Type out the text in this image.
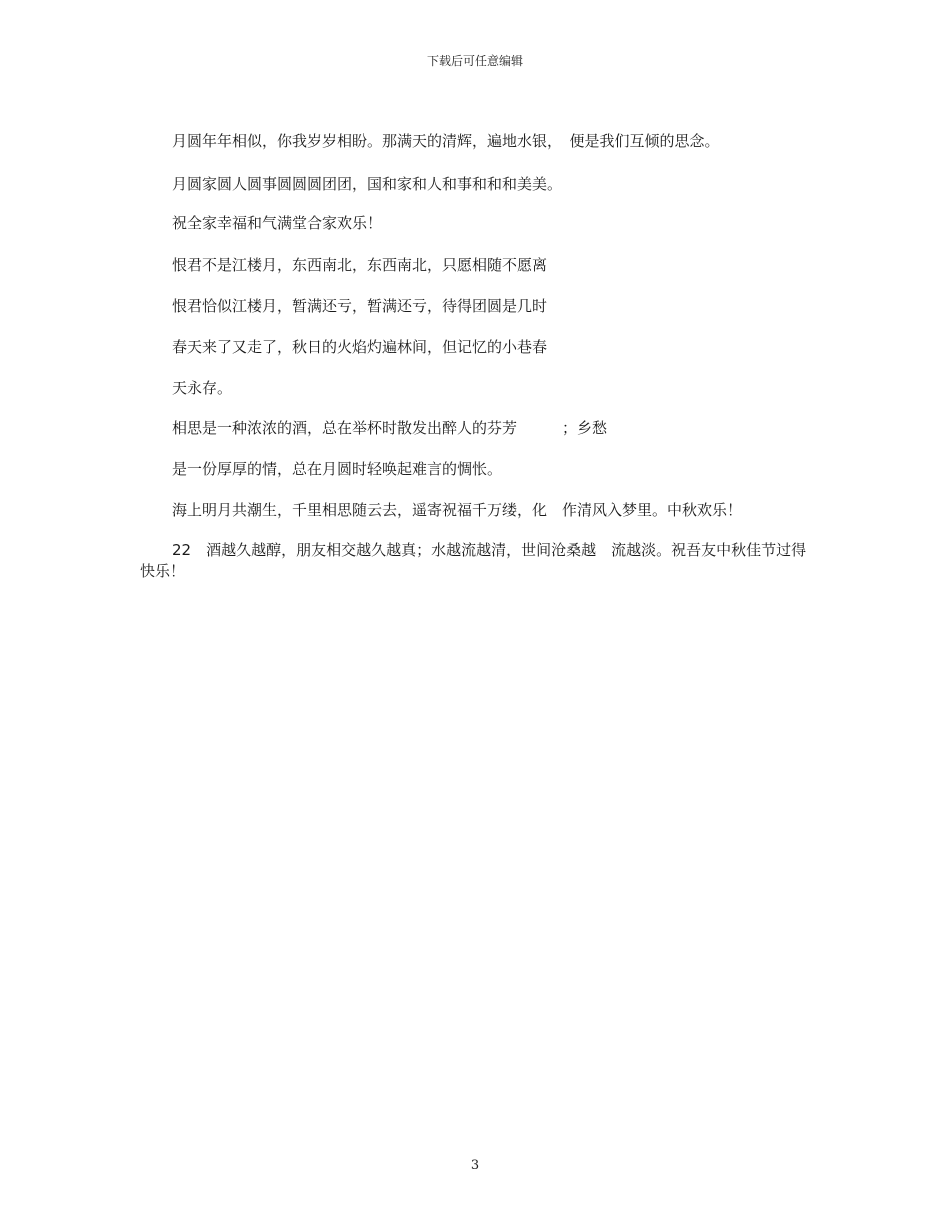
下载后可任意编辑
月圆年年相似，你我岁岁相盼。那满天的清辉，遍地水银，　便是我们互倾的思念。
月圆家圆人圆事圆圆圆团团，国和家和人和事和和和美美。
祝全家幸福和气满堂合家欢乐！
恨君不是江楼月，东西南北，东西南北，只愿相随不愿离
恨君恰似江楼月，暂满还亏，暂满还亏，待得团圆是几时
春天来了又走了，秋日的火焰灼遍林间，但记忆的小巷春
天永存。
相思是一种浓浓的酒，总在举杯时散发出醉人的芬芳　　　；乡愁
是一份厚厚的情，总在月圆时轻唤起难言的惆怅。
海上明月共潮生，千里相思随云去，遥寄祝福千万缕，化　作清风入梦里。中秋欢乐！
22　酒越久越醇，朋友相交越久越真；水越流越清，世间沧桑越　流越淡。祝吾友中秋佳节过得快乐！
3
